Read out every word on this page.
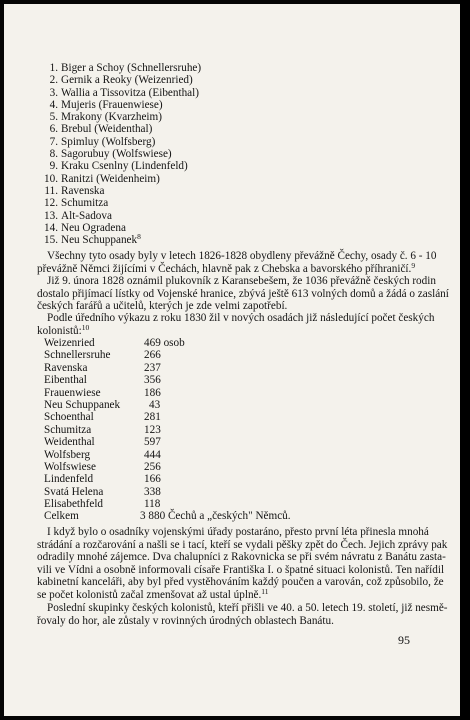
1. Biger a Schoy (Schnellersruhe)
2. Gernik a Reoky (Weizenried)
3. Wallia a Tissovitza (Eibenthal)
4. Mujeris (Frauenwiese)
5. Mrakony (Kvarzheim)
6. Brebul (Weidenthal)
7. Spimluy (Wolfsberg)
8. Sagorubuy (Wolfswiese)
9. Kraku Csenlny (Lindenfeld)
10. Ranitzi (Weidenheim)
11. Ravenska
12. Schumitza
13. Alt-Sadova
14. Neu Ogradena
15. Neu Schuppanek$^8$
Všechny tyto osady byly v letech 1826-1828 obydleny převážně Čechy, osady č. 6 - 10
převážně Němci žijícími v Čechách, hlavně pak z Chebska a bavorského příhraničí.$^9$
Již 9. února 1828 oznámil plukovník z Karansebešem, že 1036 převážně českých rodin
dostalo přijímací lístky od Vojenské hranice, zbývá ještě 613 volných domů a žádá o zaslání
českých farářů a učitelů, kterých je zde velmi zapotřebí.
Podle úředního výkazu z roku 1830 žil v nových osadách již následující počet českých
kolonistů:$^{10}$
Weizenried	469 osob
Schnellersruhe	266
Ravenska	237
Eibenthal	356
Frauenwiese	186
Neu Schuppanek	43
Schoenthal	281
Schumitza	123
Weidenthal	597
Wolfsberg	444
Wolfswiese	256
Lindenfeld	166
Svatá Helena	338
Elisabethfeld	118
Celkem	3 880 Čechů a „českých" Němců.
I když bylo o osadníky vojenskými úřady postaráno, přesto první léta přinesla mnohá
strádání a rozčarování a našli se i tací, kteří se vydali pěšky zpět do Čech. Jejich zprávy pak
odradily mnohé zájemce. Dva chalupníci z Rakovnicka se při svém návratu z Banátu zasta-
vili ve Vídni a osobně informovali císaře Františka I. o špatné situaci kolonistů. Ten nařídil
kabinetní kanceláři, aby byl před vystěhováním každý poučen a varován, což způsobilo, že
se počet kolonistů začal zmenšovat až ustal úplně.$^{11}$
Poslední skupinky českých kolonistů, kteří přišli ve 40. a 50. letech 19. století, již nesmě-
řovaly do hor, ale zůstaly v rovinných úrodných oblastech Banátu.
95
